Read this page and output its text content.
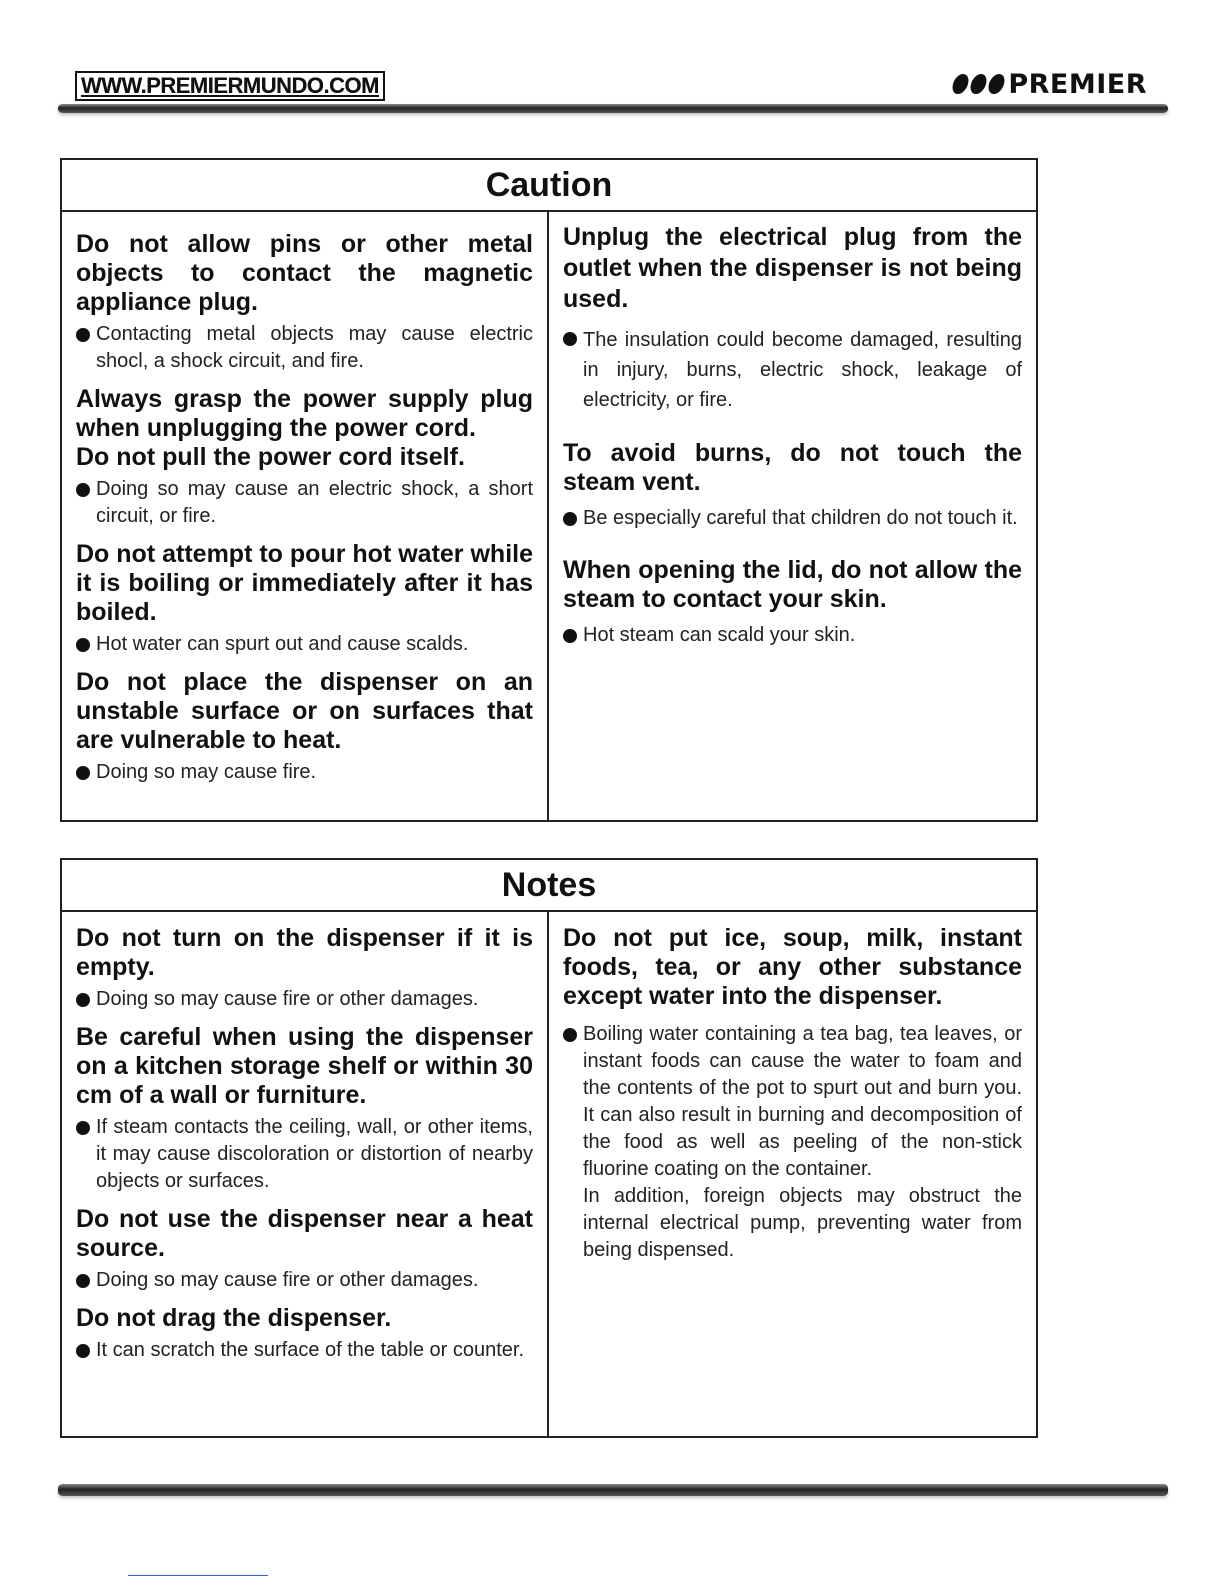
WWW.PREMIERMUNDO.COM	PREMIER
Caution
Do not allow pins or other metal objects to contact the magnetic appliance plug.
Contacting metal objects may cause electric shocl, a shock circuit, and fire.
Always grasp the power supply plug when unplugging the power cord.
Do not pull the power cord itself.
Doing so may cause an electric shock, a short circuit, or fire.
Do not attempt to pour hot water while it is boiling or immediately after it has boiled.
Hot water can spurt out and cause scalds.
Do not place the dispenser on an unstable surface or on surfaces that are vulnerable to heat.
Doing so may cause fire.
Unplug the electrical plug from the outlet when the dispenser is not being used.
The insulation could become damaged, resulting in injury, burns, electric shock, leakage of electricity, or fire.
To avoid burns, do not touch the steam vent.
Be especially careful that children do not touch it.
When opening the lid, do not allow the steam to contact your skin.
Hot steam can scald your skin.
Notes
Do not turn on the dispenser if it is empty.
Doing so may cause fire or other damages.
Be careful when using the dispenser on a kitchen storage shelf or within 30 cm of a wall or furniture.
If steam contacts the ceiling, wall, or other items, it may cause discoloration or distortion of nearby objects or surfaces.
Do not use the dispenser near a heat source.
Doing so may cause fire or other damages.
Do not drag the dispenser.
It can scratch the surface of the table or counter.
Do not put ice, soup, milk, instant foods, tea, or any other substance except water into the dispenser.
Boiling water containing a tea bag, tea leaves, or instant foods can cause the water to foam and the contents of the pot to spurt out and burn you. It can also result in burning and decomposition of the food as well as peeling of the non-stick fluorine coating on the container.
In addition, foreign objects may obstruct the internal electrical pump, preventing water from being dispensed.
